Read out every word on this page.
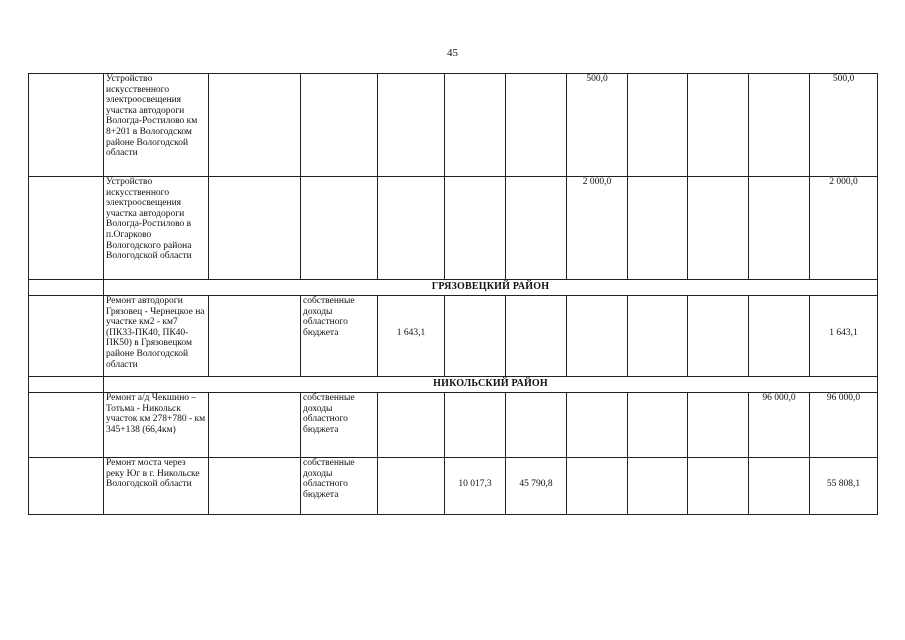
45
	Устройство искусственного электроосвещения участка автодороги Вологда-Ростилово км 8+201 в Вологодском районе Вологодской области						500,0				500,0
	Устройство искусственного электроосвещения участка автодороги Вологда-Ростилово в п.Огарково Вологодского района Вологодской области						2 000,0				2 000,0
	ГРЯЗОВЕЦКИЙ РАЙОН										
	Ремонт автодороги Грязовец - Чернецкое на участке км2 - км7 (ПК33-ПК40, ПК40-ПК50) в Грязовецком районе Вологодской области		собственные доходы областного бюджета	1 643,1							1 643,1
	НИКОЛЬСКИЙ РАЙОН										
	Ремонт а/д Чекшино – Тотьма - Никольск участок км 278+780 - км 345+138 (66,4км)		собственные доходы областного бюджета							96 000,0	96 000,0
	Ремонт моста через реку Юг в г. Никольске Вологодской области		собственные доходы областного бюджета		10 017,3	45 790,8					55 808,1
